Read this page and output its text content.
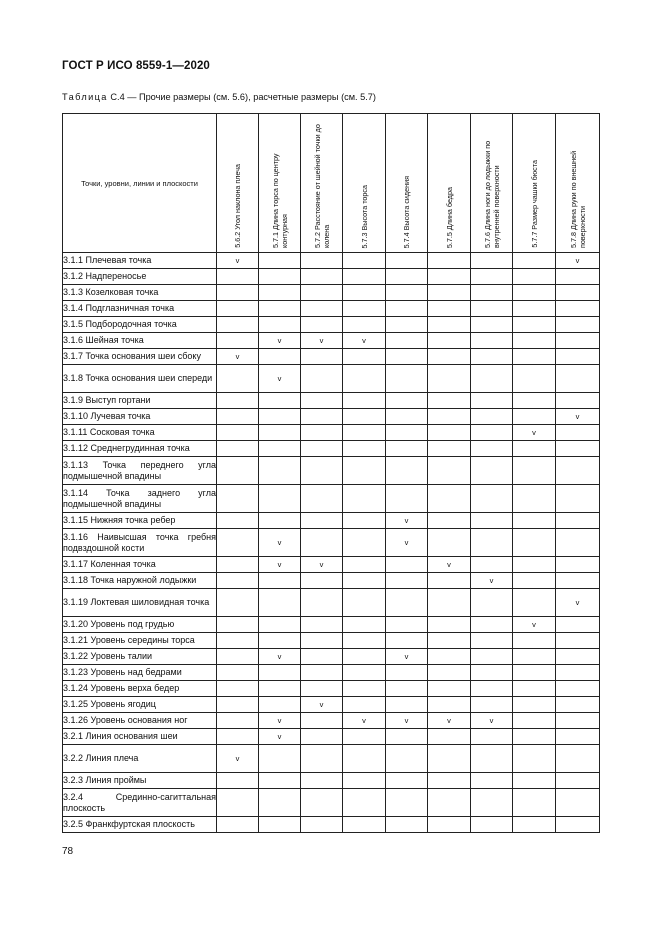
ГОСТ Р ИСО 8559-1—2020
Таблица С.4 — Прочие размеры (см. 5.6), расчетные размеры (см. 5.7)
Точки, уровни, линии и плоскости	5.6.2 Угол наклона плеча	5.7.1 Длина торса по центру контурная	5.7.2 Расстояние от шейной точки до колена	5.7.3 Высота торса	5.7.4 Высота сидения	5.7.5 Длина бедра	5.7.6 Длина ноги до лодыжки по внутренней поверхности	5.7.7 Размер чашки бюста	5.7.8 Длина руки по внешней поверхности

3.1.1 Плечевая точка	v								v
3.1.2 Надпереносье									
3.1.3 Козелковая точка									
3.1.4 Подглазничная точка									
3.1.5 Подбородочная точка									
3.1.6 Шейная точка		v	v	v					
3.1.7 Точка основания шеи сбоку	v								
3.1.8 Точка основания шеи спереди		v							
3.1.9 Выступ гортани									
3.1.10 Лучевая точка									v
3.1.11 Сосковая точка								v	
3.1.12 Среднегрудинная точка									
3.1.13 Точка переднего угла подмышечной впадины									
3.1.14 Точка заднего угла подмышечной впадины									
3.1.15 Нижняя точка ребер					v				
3.1.16 Наивысшая точка гребня подвздошной кости		v			v				
3.1.17 Коленная точка		v	v			v			
3.1.18 Точка наружной лодыжки							v		
3.1.19 Локтевая шиловидная точка									v
3.1.20 Уровень под грудью								v	
3.1.21 Уровень середины торса									
3.1.22 Уровень талии		v			v				
3.1.23 Уровень над бедрами									
3.1.24 Уровень верха бедер									
3.1.25 Уровень ягодиц			v						
3.1.26 Уровень основания ног		v		v	v	v	v		
3.2.1 Линия основания шеи		v							
3.2.2 Линия плеча	v								
3.2.3 Линия проймы									
3.2.4 Срединно-сагиттальная плоскость									
3.2.5 Франкфуртская плоскость									
78
